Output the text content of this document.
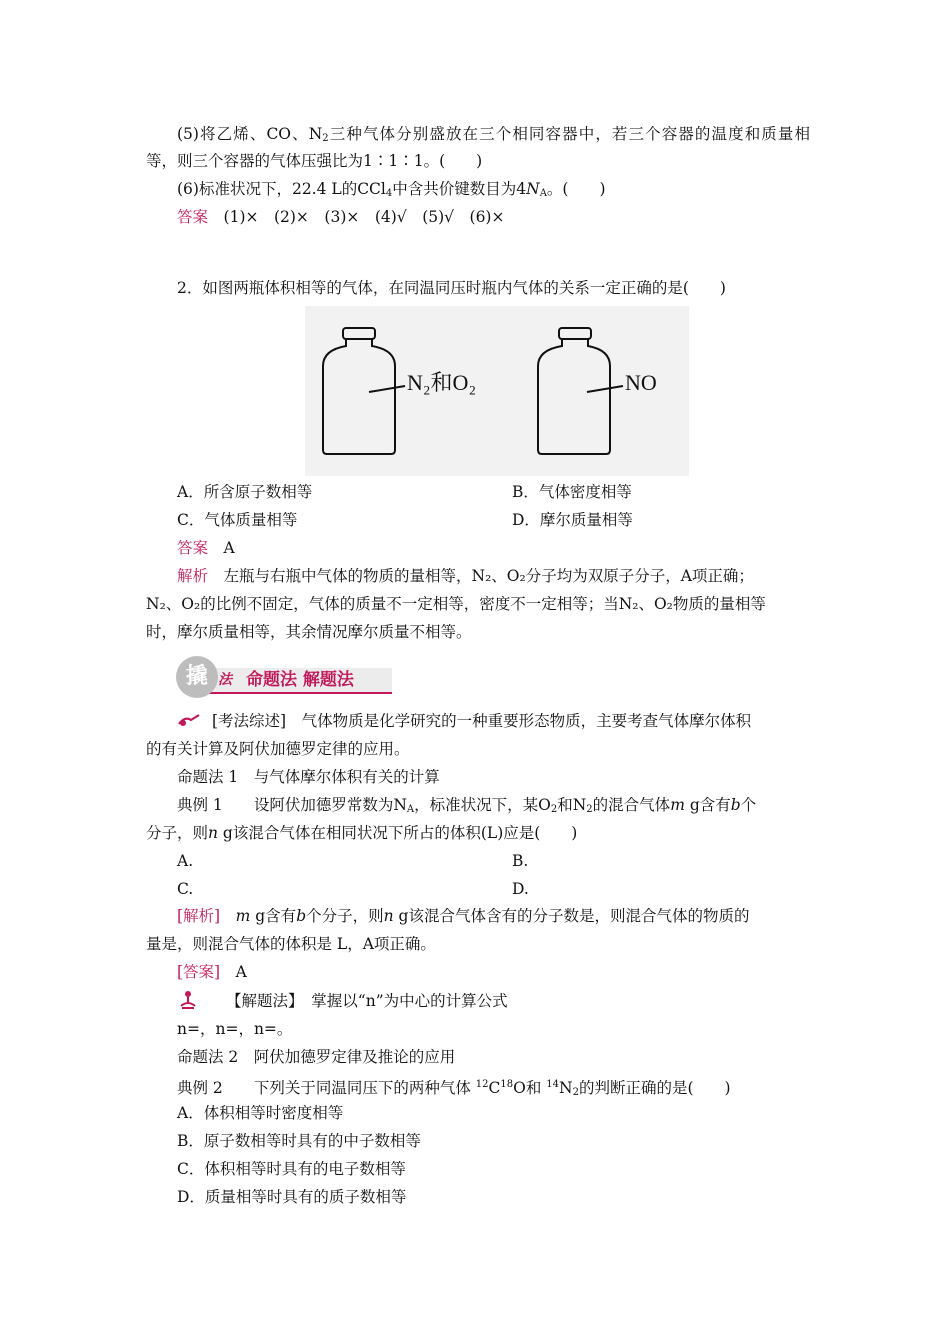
(5)将乙烯、CO、$N_2$三种气体分别盛放在三个相同容器中，若三个容器的温度和质量相
等，则三个容器的气体压强比为1∶1∶1。(　　)
(6)标准状况下，22.4 L的CCl$_4$中含共价键数目为$4N_A$。(　　)
答案　 (1)×　(2)×　(3)×　(4)√　(5)√　(6)×
2．如图两瓶体积相等的气体，在同温同压时瓶内气体的关系一定正确的是(　　)
N₂和O₂	NO
A．所含原子数相等	B．气体密度相等
C．气体质量相等	D．摩尔质量相等
答案　 A
解析　 左瓶与右瓶中气体的物质的量相等，N₂、O₂分子均为双原子分子，A项正确；
N₂、O₂的比例不固定，气体的质量不一定相等，密度不一定相等；当N₂、O₂物质的量相等
时，摩尔质量相等，其余情况摩尔质量不相等。
撬 法 命题法 解题法
[考法综述]　 气体物质是化学研究的一种重要形态物质，主要考查气体摩尔体积
的有关计算及阿伏加德罗定律的应用。
命题法 1　与气体摩尔体积有关的计算
典例 1　　 设阿伏加德罗常数为$N_A$，标准状况下，某$O_2$和$N_2$的混合气体m g含有b个
分子，则n g该混合气体在相同状况下所占的体积(L)应是(　　)
A.	B.
C.	D.
[解析]　 m g含有b个分子，则n g该混合气体含有的分子数是，则混合气体的物质的
量是，则混合气体的体积是 L，A项正确。
[答案]　 A
【解题法】　 掌握以“n”为中心的计算公式
n=，n=，n=。
命题法 2　阿伏加德罗定律及推论的应用
典例 2　　 下列关于同温同压下的两种气体 $^{12}C^{18}O$和 $^{14}N_2$的判断正确的是(　　)
A．体积相等时密度相等
B．原子数相等时具有的中子数相等
C．体积相等时具有的电子数相等
D．质量相等时具有的质子数相等
